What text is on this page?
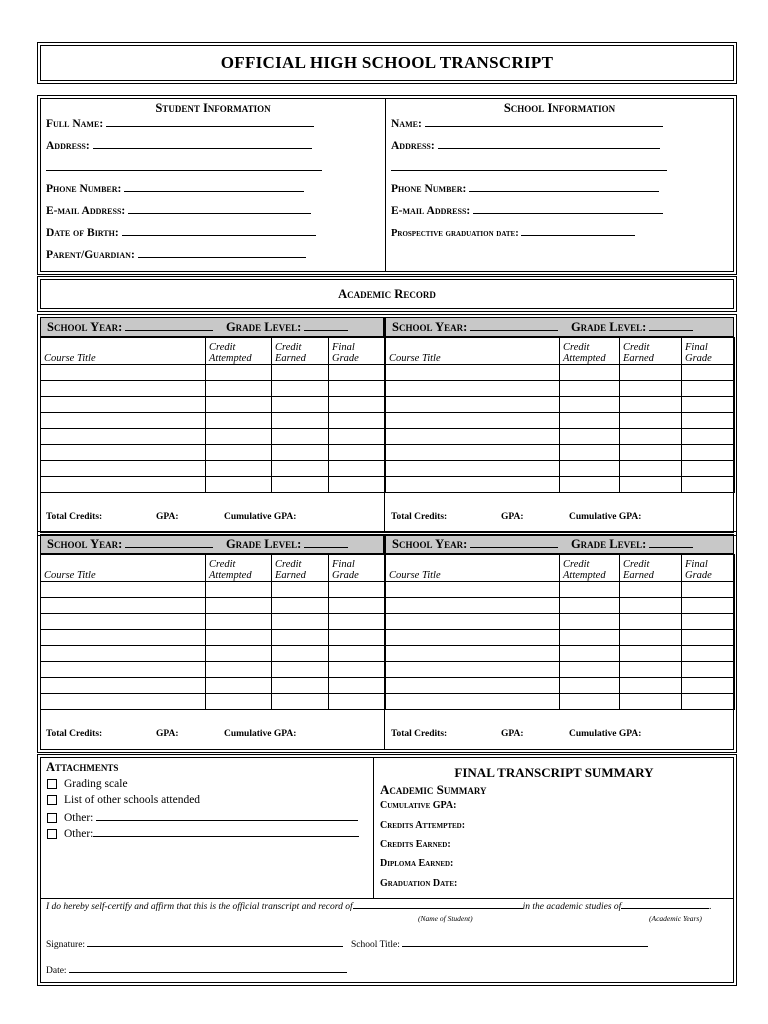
OFFICIAL HIGH SCHOOL TRANSCRIPT
Student Information
Full Name:
Address:
Phone Number:
E-mail Address:
Date of Birth:
Parent/Guardian:
School Information
Name:
Address:
Phone Number:
E-mail Address:
Prospective graduation date:
Academic Record
School Year:	Grade Level:
Course Title	Credit Attempted	Credit Earned	Final Grade

Total Credits:	GPA:	Cumulative GPA:
School Year:	Grade Level:
Course Title	Credit Attempted	Credit Earned	Final Grade

Total Credits:	GPA:	Cumulative GPA:
School Year:	Grade Level:
Course Title	Credit Attempted	Credit Earned	Final Grade

Total Credits:	GPA:	Cumulative GPA:
School Year:	Grade Level:
Course Title	Credit Attempted	Credit Earned	Final Grade

Total Credits:	GPA:	Cumulative GPA:
Attachments
Grading scale
List of other schools attended
Other:
Other:
FINAL TRANSCRIPT SUMMARY
Academic Summary
Cumulative GPA:
Credits Attempted:
Credits Earned:
Diploma Earned:
Graduation Date:
I do hereby self-certify and affirm that this is the official transcript and record of	in the academic studies of	.
(Name of Student)	(Academic Years)
Signature:	School Title:
Date:
